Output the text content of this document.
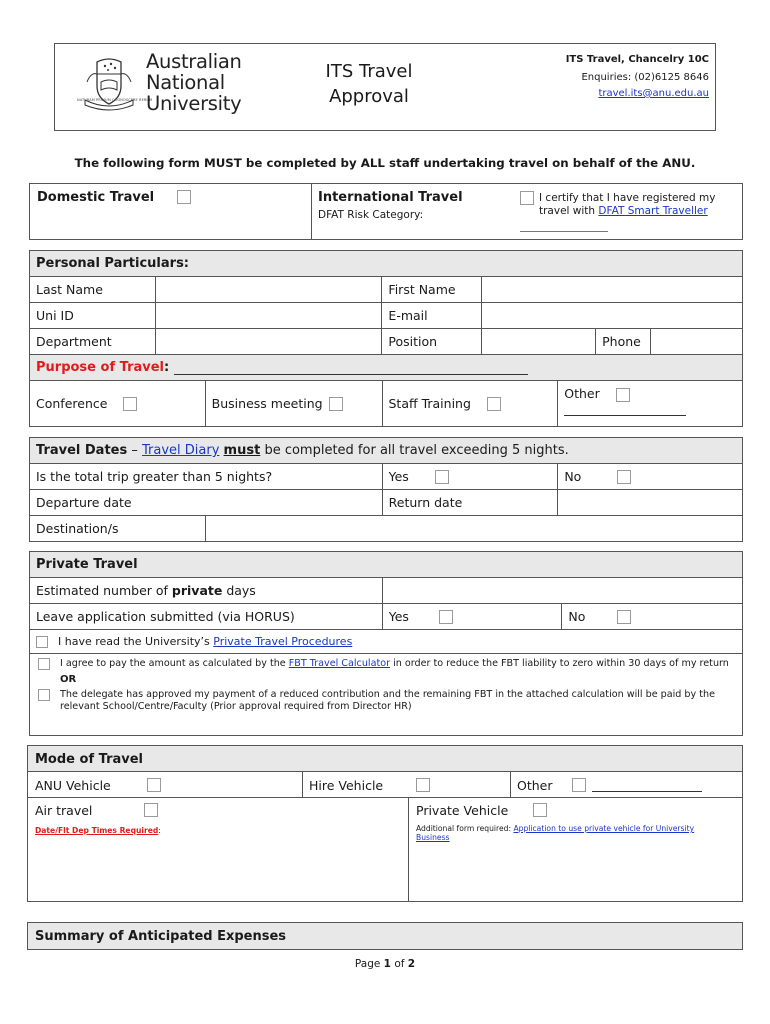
NATURAM PRIMUM COGNOSCERE RERUM
Australian
National
University
ITS Travel
Approval
ITS Travel, Chancelry 10C
Enquiries: (02)6125 8646
travel.its@anu.edu.au
The following form MUST be completed by ALL staff undertaking travel on behalf of the ANU.
Domestic Travel	International Travel
DFAT Risk Category:
I certify that I have registered my travel with DFAT Smart Traveller
Personal Particulars:					
Last Name		First Name			
Uni ID		E-mail			
Department		Position		Phone	
Purpose of Travel:					
Conference	Business meeting	Staff Training	Other
Travel Dates – Travel Diary must be completed for all travel exceeding 5 nights.			
Is the total trip greater than 5 nights?		Yes	No
Departure date		Return date	
Destination/s			
Private Travel		
Estimated number of private days		
Leave application submitted (via HORUS)	Yes	No
I have read the University’s Private Travel Procedures		

I agree to pay the amount as calculated by the FBT Travel Calculator in order to reduce the FBT liability to zero within 30 days of my return
OR
The delegate has approved my payment of a reduced contribution and the remaining FBT in the attached calculation will be paid by the relevant School/Centre/Faculty (Prior approval required from Director HR)		
Mode of Travel
ANU Vehicle	Hire Vehicle	Other
Air travel
Date/Flt Dep Times Required:
Private Vehicle
Additional form required: Application to use private vehicle for University Business
Summary of Anticipated Expenses
Page 1 of 2
